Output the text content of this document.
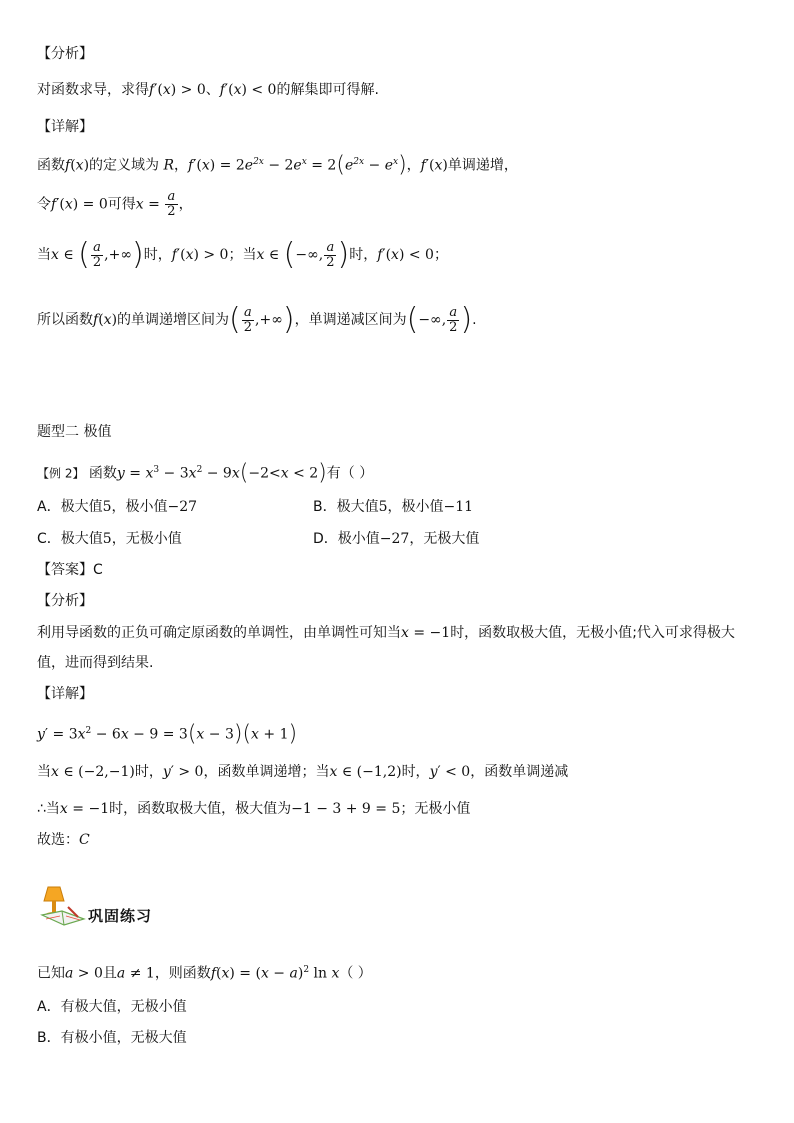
【分析】
对函数求导，求得f′(x) > 0、f′(x) < 0的解集即可得解.
【详解】
函数f(x)的定义域为 R，$f'(x) = 2e^{2x} - 2e^x = 2(e^{2x} - e^x)$，f′(x)单调递增，
令f′(x) = 0可得$x = \frac{a}{2}$ ，
当x ∈ ( $\frac{a}{2}$ ,+∞)时，f′(x) > 0；当x ∈ (−∞, $\frac{a}{2}$ )时，f′(x) < 0；
所以函数f(x)的单调递增区间为( $\frac{a}{2}$ ,+∞)，单调递减区间为(−∞, $\frac{a}{2}$ ).
题型二 极值
【例 2】 函数$y = x^3 - 3x^2 - 9x(-2<x < 2)$有（ ）
A．极大值5，极小值−27	B．极大值5，极小值−11
C．极大值5，无极小值	D．极小值−27，无极大值
【答案】C
【分析】
利用导函数的正负可确定原函数的单调性，由单调性可知当x = −1时，函数取极大值，无极小值;代入可求得极大值，进而得到结果.
【详解】
$y' = 3x^2 - 6x - 9 = 3(x - 3)(x + 1)$
当x ∈ (−2,−1)时，y′ > 0，函数单调递增；当x ∈ (−1,2)时，y′ < 0，函数单调递减
∴当x = −1时，函数取极大值，极大值为−1 − 3 + 9 = 5；无极小值
故选：C
巩固练习
已知a > 0且a ≠ 1，则函数$f(x) = (x - a)^2$ ln x（ ）
A．有极大值，无极小值
B．有极小值，无极大值
